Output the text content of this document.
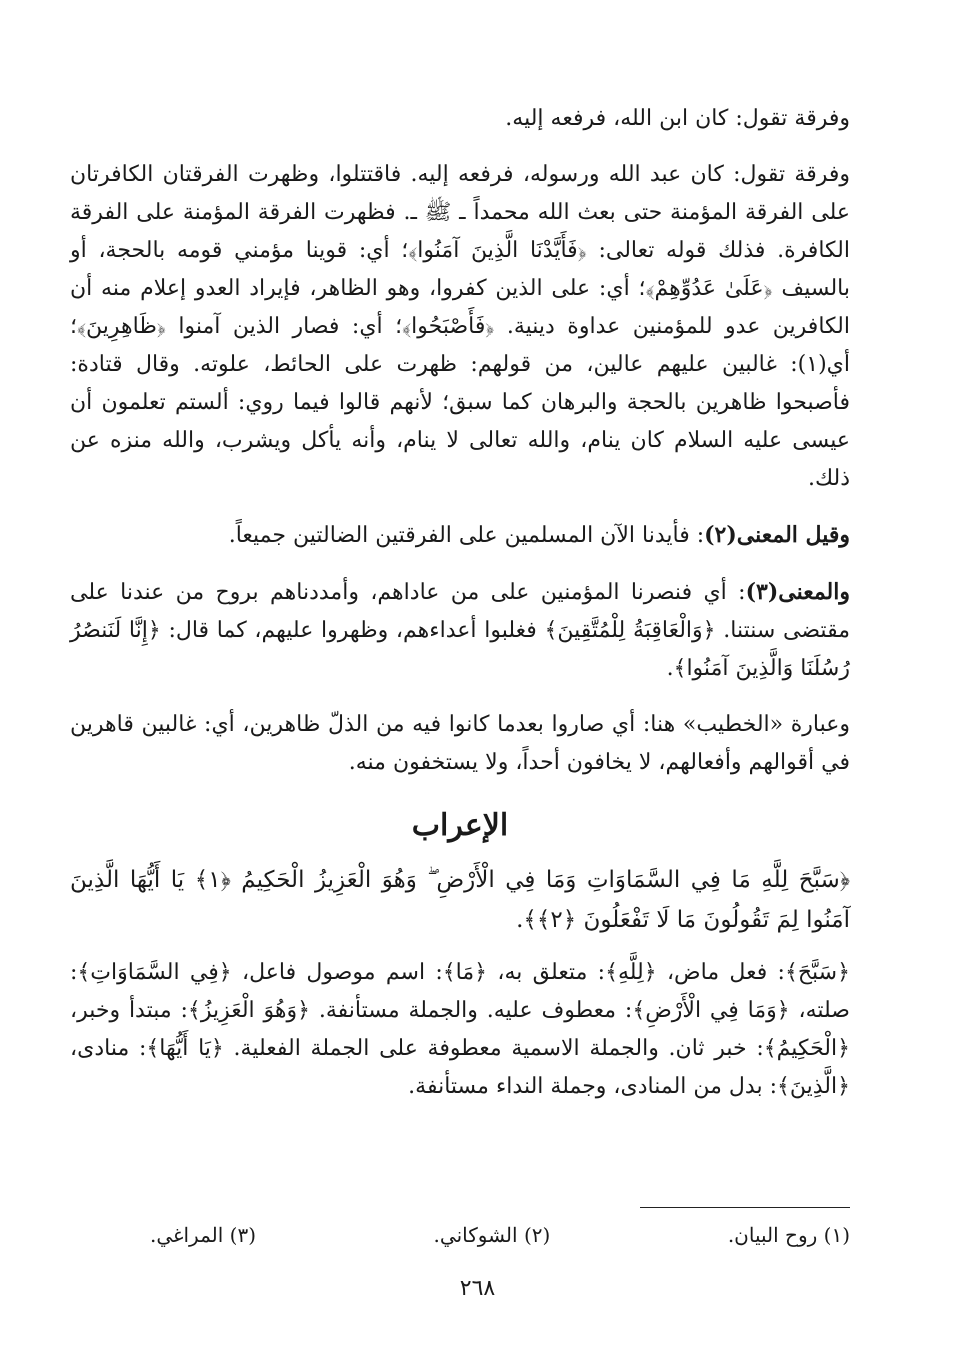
وفرقة تقول: كان ابن الله، فرفعه إليه.

وفرقة تقول: كان عبد الله ورسوله، فرفعه إليه. فاقتتلوا، وظهرت الفرقتان الكافرتان على الفرقة المؤمنة حتى بعث الله محمداً ـ ﷺ ـ. فظهرت الفرقة المؤمنة على الفرقة الكافرة. فذلك قوله تعالى: ﴿فَأَيَّدْنَا الَّذِينَ آمَنُوا﴾؛ أي: قوينا مؤمني قومه بالحجة، أو بالسيف ﴿عَلَىٰ عَدُوِّهِمْ﴾؛ أي: على الذين كفروا، وهو الظاهر، فإيراد العدو إعلام منه أن الكافرين عدو للمؤمنين عداوة دينية. ﴿فَأَصْبَحُوا﴾؛ أي: فصار الذين آمنوا ﴿ظَاهِرِينَ﴾؛ أي(١): غالبين عليهم عالين، من قولهم: ظهرت على الحائط، علوته. وقال قتادة: فأصبحوا ظاهرين بالحجة والبرهان كما سبق؛ لأنهم قالوا فيما روي: ألستم تعلمون أن عيسى عليه السلام كان ينام، والله تعالى لا ينام، وأنه يأكل ويشرب، والله منزه عن ذلك.

وقيل المعنى(٢): فأيدنا الآن المسلمين على الفرقتين الضالتين جميعاً.

والمعنى(٣): أي فنصرنا المؤمنين على من عاداهم، وأمددناهم بروح من عندنا على مقتضى سنتنا. ﴿وَالْعَاقِبَةُ لِلْمُتَّقِينَ﴾ فغلبوا أعداءهم، وظهروا عليهم، كما قال: ﴿إِنَّا لَنَنصُرُ رُسُلَنَا وَالَّذِينَ آمَنُوا﴾.

وعبارة «الخطيب» هنا: أي صاروا بعدما كانوا فيه من الذلّ ظاهرين، أي: غالبين قاهرين في أقوالهم وأفعالهم، لا يخافون أحداً، ولا يستخفون منه.

الإعراب

﴿سَبَّحَ لِلَّهِ مَا فِي السَّمَاوَاتِ وَمَا فِي الْأَرْضِ ۖ وَهُوَ الْعَزِيزُ الْحَكِيمُ ﴿١﴾ يَا أَيُّهَا الَّذِينَ آمَنُوا لِمَ تَقُولُونَ مَا لَا تَفْعَلُونَ ﴿٢﴾﴾.

﴿سَبَّحَ﴾: فعل ماض، ﴿لِلَّهِ﴾: متعلق به، ﴿مَا﴾: اسم موصول فاعل، ﴿فِي السَّمَاوَاتِ﴾: صلته، ﴿وَمَا فِي الْأَرْضِ﴾: معطوف عليه. والجملة مستأنفة. ﴿وَهُوَ الْعَزِيزُ﴾: مبتدأ وخبر، ﴿الْحَكِيمُ﴾: خبر ثان. والجملة الاسمية معطوفة على الجملة الفعلية. ﴿يَا أَيُّهَا﴾: منادى، ﴿الَّذِينَ﴾: بدل من المنادى، وجملة النداء مستأنفة.

(١) روح البيان.
(٢) الشوكاني.
(٣) المراغي.
٢٦٨
